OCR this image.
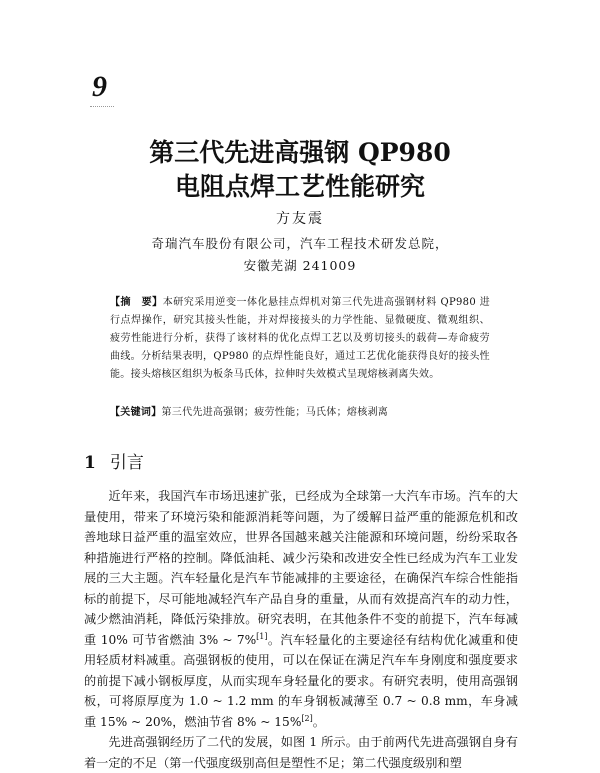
9
第三代先进高强钢 QP980
电阻点焊工艺性能研究
方友震
奇瑞汽车股份有限公司，汽车工程技术研发总院，
安徽芜湖 241009
【摘　要】本研究采用逆变一体化悬挂点焊机对第三代先进高强钢材料 QP980 进行点焊操作，研究其接头性能，并对焊接接头的力学性能、显微硬度、微观组织、疲劳性能进行分析，获得了该材料的优化点焊工艺以及剪切接头的载荷—寿命疲劳曲线。分析结果表明，QP980 的点焊性能良好，通过工艺优化能获得良好的接头性能。接头熔核区组织为板条马氏体，拉伸时失效模式呈现熔核剥离失效。
【关键词】第三代先进高强钢；疲劳性能；马氏体；熔核剥离
1 引言

近年来，我国汽车市场迅速扩张，已经成为全球第一大汽车市场。汽车的大量使用，带来了环境污染和能源消耗等问题，为了缓解日益严重的能源危机和改善地球日益严重的温室效应，世界各国越来越关注能源和环境问题，纷纷采取各种措施进行严格的控制。降低油耗、减少污染和改进安全性已经成为汽车工业发展的三大主题。汽车轻量化是汽车节能减排的主要途径，在确保汽车综合性能指标的前提下，尽可能地减轻汽车产品自身的重量，从而有效提高汽车的动力性，减少燃油消耗，降低污染排放。研究表明，在其他条件不变的前提下，汽车每减重 10% 可节省燃油 3% ~ 7%[1]。汽车轻量化的主要途径有结构优化减重和使用轻质材料减重。高强钢板的使用，可以在保证在满足汽车车身刚度和强度要求的前提下减小钢板厚度，从而实现车身轻量化的要求。有研究表明，使用高强钢板，可将原厚度为 1.0 ~ 1.2 mm 的车身钢板减薄至 0.7 ~ 0.8 mm，车身减重 15% ~ 20%，燃油节省 8% ~ 15%[2]。

先进高强钢经历了二代的发展，如图 1 所示。由于前两代先进高强钢自身有着一定的不足（第一代强度级别高但是塑性不足；第二代强度级别和塑
